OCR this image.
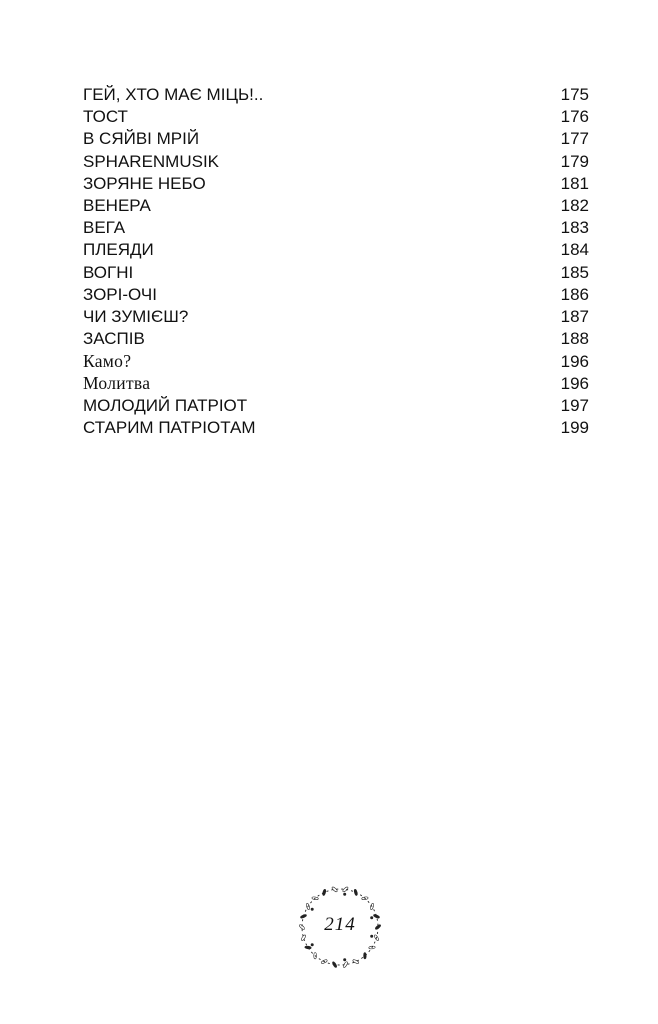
ГЕЙ, ХТО МАЄ МІЦЬ!..	175
ТОСТ	176
В СЯЙВІ МРІЙ	177
SPHARENMUSIK	179
ЗОРЯНЕ НЕБО	181
ВЕНЕРА	182
ВЕГА	183
ПЛЕЯДИ	184
ВОГНІ	185
ЗОРІ-ОЧІ	186
ЧИ ЗУМІЄШ?	187
ЗАСПІВ	188
Камо?	196
Молитва	196
МОЛОДИЙ ПАТРІОТ	197
СТАРИМ ПАТРІОТАМ	199
214
